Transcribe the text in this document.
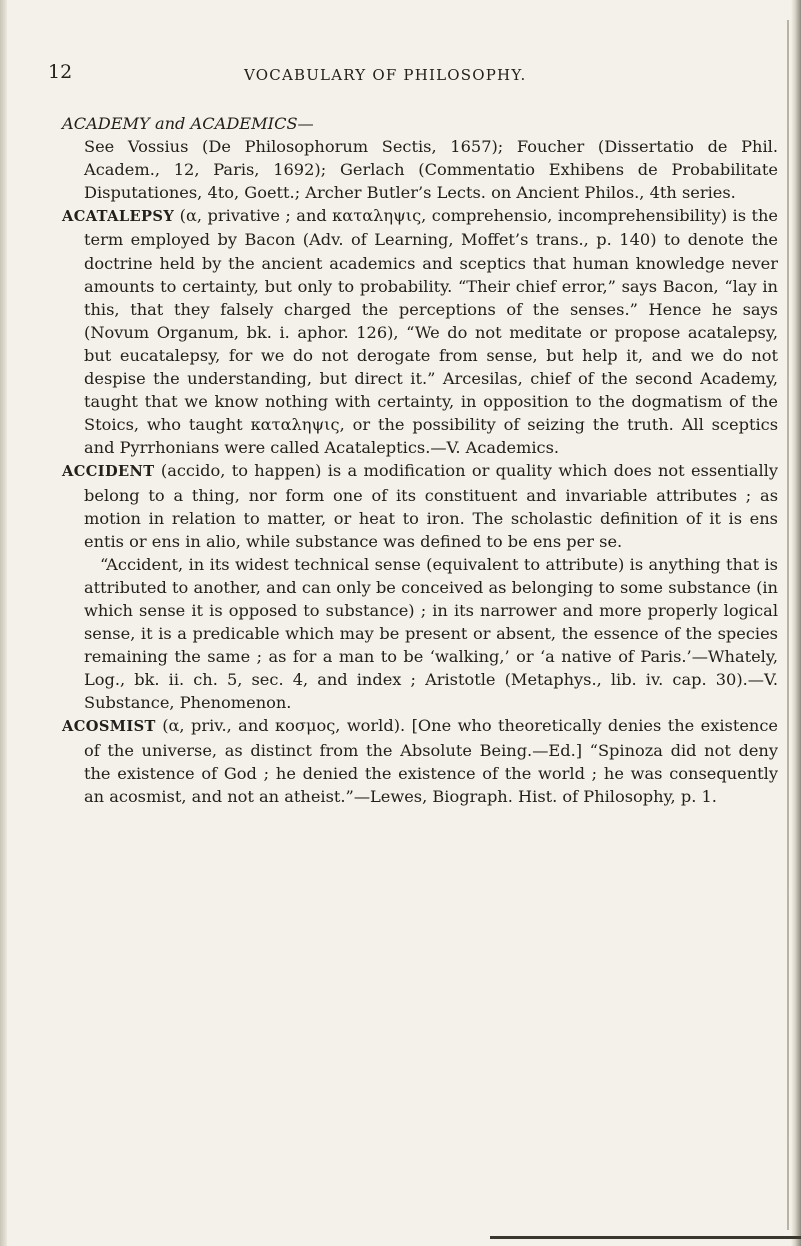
12	VOCABULARY OF PHILOSOPHY.

ACADEMY and ACADEMICS—
See Vossius (De Philosophorum Sectis, 1657); Foucher (Dissertatio de Phil. Academ., 12, Paris, 1692); Gerlach (Commentatio Exhibens de Probabilitate Disputationes, 4to, Goett.; Archer Butler’s Lects. on Ancient Philos., 4th series.

ACATALEPSY (α, privative ; and καταληψις, comprehensio, incomprehensibility) is the term employed by Bacon (Adv. of Learning, Moffet’s trans., p. 140) to denote the doctrine held by the ancient academics and sceptics that human knowledge never amounts to certainty, but only to probability. “Their chief error,” says Bacon, “lay in this, that they falsely charged the perceptions of the senses.” Hence he says (Novum Organum, bk. i. aphor. 126), “We do not meditate or propose acatalepsy, but eucatalepsy, for we do not derogate from sense, but help it, and we do not despise the understanding, but direct it.” Arcesilas, chief of the second Academy, taught that we know nothing with certainty, in opposition to the dogmatism of the Stoics, who taught καταληψις, or the possibility of seizing the truth. All sceptics and Pyrrhonians were called Acataleptics.—V. Academics.

ACCIDENT (accido, to happen) is a modification or quality which does not essentially belong to a thing, nor form one of its constituent and invariable attributes ; as motion in relation to matter, or heat to iron. The scholastic definition of it is ens entis or ens in alio, while substance was defined to be ens per se.

“Accident, in its widest technical sense (equivalent to attribute) is anything that is attributed to another, and can only be conceived as belonging to some substance (in which sense it is opposed to substance) ; in its narrower and more properly logical sense, it is a predicable which may be present or absent, the essence of the species remaining the same ; as for a man to be ‘walking,’ or ‘a native of Paris.’—Whately, Log., bk. ii. ch. 5, sec. 4, and index ; Aristotle (Metaphys., lib. iv. cap. 30).—V. Substance, Phenomenon.

ACOSMIST (α, priv., and κοσμος, world). [One who theoretically denies the existence of the universe, as distinct from the Absolute Being.—Ed.] “Spinoza did not deny the existence of God ; he denied the existence of the world ; he was consequently an acosmist, and not an atheist.”—Lewes, Biograph. Hist. of Philosophy, p. 1.
